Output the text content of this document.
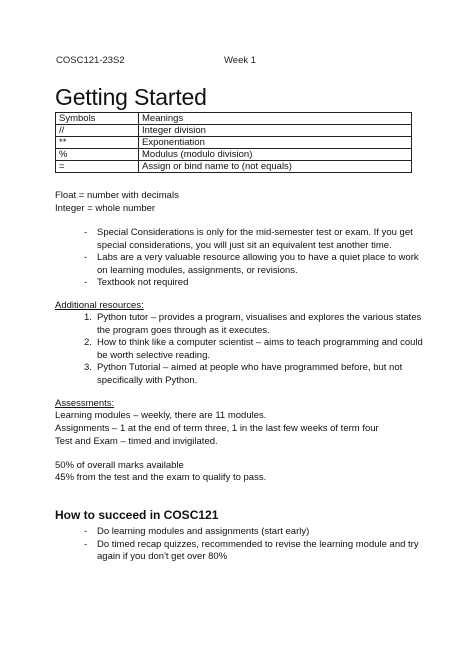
COSC121-23S2	Week 1
Getting Started
Symbols	Meanings
//	Integer division
**	Exponentiation
%	Modulus (modulo division)
=	Assign or bind name to (not equals)
Float = number with decimals
Integer = whole number
- Special Considerations is only for the mid-semester test or exam. If you get special considerations, you will just sit an equivalent test another time.
- Labs are a very valuable resource allowing you to have a quiet place to work on learning modules, assignments, or revisions.
- Textbook not required
Additional resources:
1. Python tutor – provides a program, visualises and explores the various states the program goes through as it executes.
2. How to think like a computer scientist – aims to teach programming and could be worth selective reading.
3. Python Tutorial – aimed at people who have programmed before, but not specifically with Python.
Assessments:
Learning modules – weekly, there are 11 modules.
Assignments – 1 at the end of term three, 1 in the last few weeks of term four
Test and Exam – timed and invigilated.
50% of overall marks available
45% from the test and the exam to qualify to pass.
How to succeed in COSC121
- Do learning modules and assignments (start early)
- Do timed recap quizzes, recommended to revise the learning module and try again if you don't get over 80%
